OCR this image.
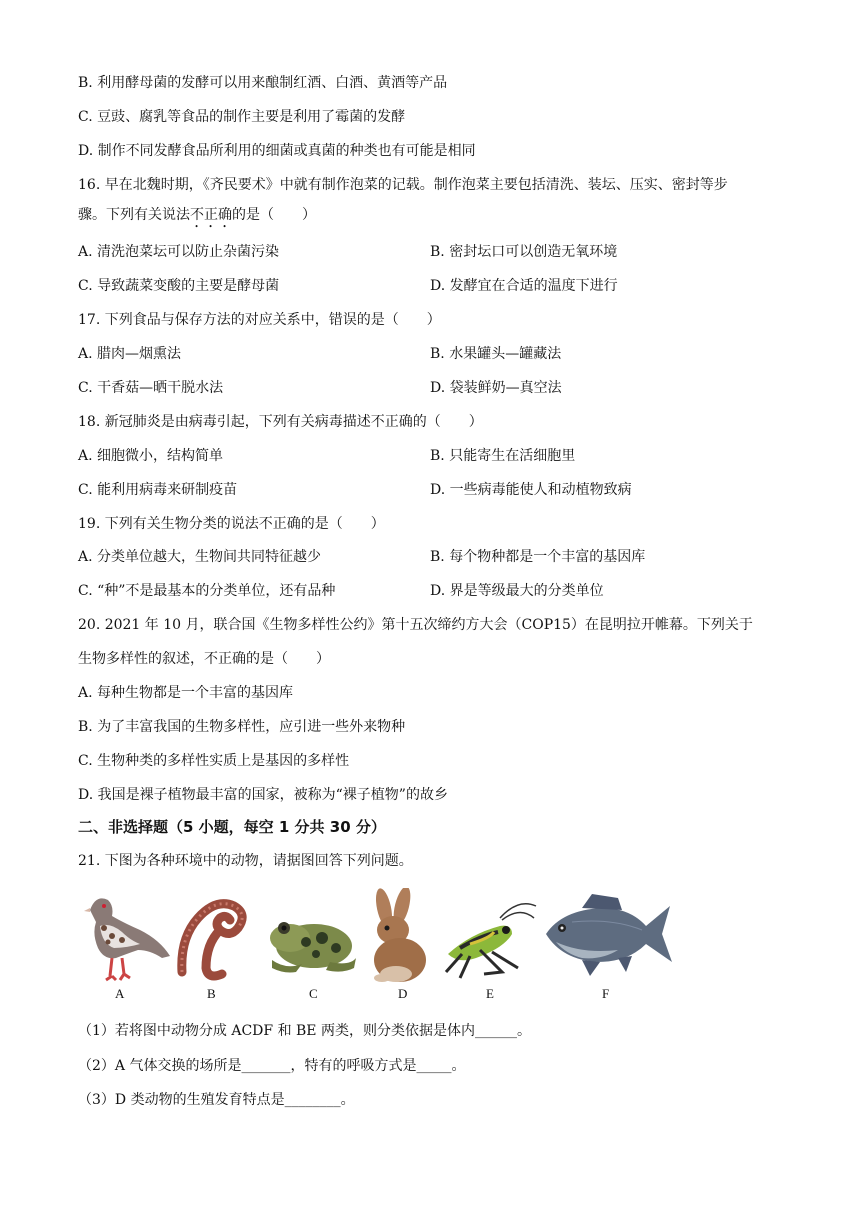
B. 利用酵母菌的发酵可以用来酿制红酒、白酒、黄酒等产品
C. 豆豉、腐乳等食品的制作主要是利用了霉菌的发酵
D. 制作不同发酵食品所利用的细菌或真菌的种类也有可能是相同
16. 早在北魏时期，《齐民要术》中就有制作泡菜的记载。制作泡菜主要包括清洗、装坛、压实、密封等步
骤。下列有关说法不正确的是（　　）
A. 清洗泡菜坛可以防止杂菌污染	B. 密封坛口可以创造无氧环境
C. 导致蔬菜变酸的主要是酵母菌	D. 发酵宜在合适的温度下进行
17. 下列食品与保存方法的对应关系中，错误的是（　　）
A. 腊肉—烟熏法	B. 水果罐头—罐藏法
C. 干香菇—晒干脱水法	D. 袋装鲜奶—真空法
18. 新冠肺炎是由病毒引起，下列有关病毒描述不正确的（　　）
A. 细胞微小，结构简单	B. 只能寄生在活细胞里
C. 能利用病毒来研制疫苗	D. 一些病毒能使人和动植物致病
19. 下列有关生物分类的说法不正确的是（　　）
A. 分类单位越大，生物间共同特征越少	B. 每个物种都是一个丰富的基因库
C. “种”不是最基本的分类单位，还有品种	D. 界是等级最大的分类单位
20. 2021 年 10 月，联合国《生物多样性公约》第十五次缔约方大会（COP15）在昆明拉开帷幕。下列关于
生物多样性的叙述，不正确的是（　　）
A. 每种生物都是一个丰富的基因库
B. 为了丰富我国的生物多样性，应引进一些外来物种
C. 生物种类的多样性实质上是基因的多样性
D. 我国是裸子植物最丰富的国家，被称为“裸子植物”的故乡
二、非选择题（5 小题，每空 1 分共 30 分）
21. 下图为各种环境中的动物，请据图回答下列问题。
A	B	C	D	E	F
（1）若将图中动物分成 ACDF 和 BE 两类，则分类依据是体内______。
（2）A 气体交换的场所是_______，特有的呼吸方式是_____。
（3）D 类动物的生殖发育特点是________。
